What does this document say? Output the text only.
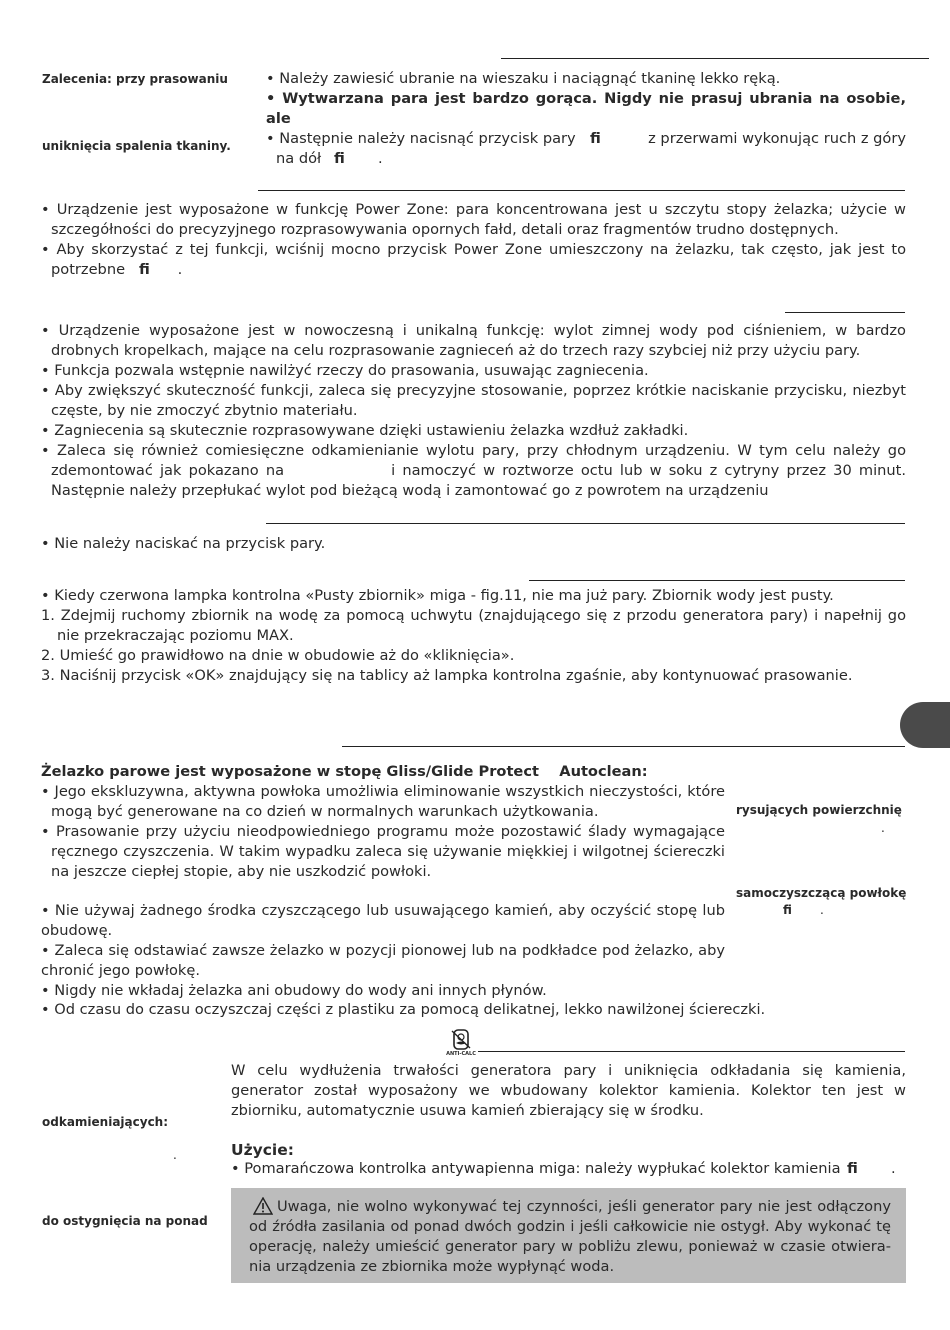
Zalecenia: przy prasowaniu
uniknięcia spalenia tkaniny.
rysujących powierzchnię
.
samoczyszczącą powłokę
ﬁ .
odkamieniających:
.
do ostygnięcia na ponad
• Należy zawiesić ubranie na wieszaku i naciągnąć tkaninę lekko ręką.
• Wytwarzana para jest bardzo gorąca. Nigdy nie prasuj ubrania na osobie, ale
• Następnie należy nacisnąć przycisk pary ﬁ	z przerwami wykonując ruch z góry
na dół ﬁ .

• Urządzenie jest wyposażone w funkcję Power Zone: para koncentrowana jest u szczytu stopy żelazka; użycie w szczegółności do precyzyjnego rozprasowywania opornych fałd, detali oraz fragmentów trudno dostępnych.

• Aby skorzystać z tej funkcji, wciśnij mocno przycisk Power Zone umieszczony na żelazku, tak często, jak jest to potrzebne ﬁ .

• Urządzenie wyposażone jest w nowoczesną i unikalną funkcję: wylot zimnej wody pod ciśnieniem, w bardzo drobnych kropelkach, mające na celu rozprasowanie zagnieceń aż do trzech razy szybciej niż przy użyciu pary.

• Funkcja pozwala wstępnie nawilżyć rzeczy do prasowania, usuwając zagniecenia.

• Aby zwiększyć skuteczność funkcji, zaleca się precyzyjne stosowanie, poprzez krótkie naciskanie przycisku, niezbyt częste, by nie zmoczyć zbytnio materiału.

• Zagniecenia są skutecznie rozprasowywane dzięki ustawieniu żelazka wzdłuż zakładki.

• Zaleca się również comiesięczne odkamienianie wylotu pary, przy chłodnym urządzeniu. W tym celu należy go zdemontować jak pokazano na	i namoczyć w roztworze octu lub w soku z cytryny przez 30 minut. Następnie należy przepłukać wylot pod bieżącą wodą i zamontować go z powrotem na urządzeniu

• Nie należy naciskać na przycisk pary.

• Kiedy czerwona lampka kontrolna «Pusty zbiornik» miga - fig.11, nie ma już pary. Zbiornik wody jest pusty.

1. Zdejmij ruchomy zbiornik na wodę za pomocą uchwytu (znajdującego się z przodu generatora pary) i napełnij go nie przekraczając poziomu MAX.

2. Umieść go prawidłowo na dnie w obudowie aż do «kliknięcia».

3. Naciśnij przycisk «OK» znajdujący się na tablicy aż lampka kontrolna zgaśnie, aby kontynuować prasowanie.

Żelazko parowe jest wyposażone w stopę Gliss/Glide Protect    Autoclean:

• Jego ekskluzywna, aktywna powłoka umożliwia eliminowanie wszystkich nieczystości, które mogą być generowane na co dzień w normalnych warunkach użytkowania.

• Prasowanie przy użyciu nieodpowiedniego programu może pozostawić ślady wymagające ręcznego czyszczenia. W takim wypadku zaleca się używanie miękkiej i wilgotnej ściereczki na jeszcze ciepłej stopie, aby nie uszkodzić powłoki.

• Nie używaj żadnego środka czyszczącego lub usuwającego kamień, aby oczyścić stopę lub obudowę.

• Zaleca się odstawiać zawsze żelazko w pozycji pionowej lub na podkładce pod żelazko, aby chronić jego powłokę.

• Nigdy nie wkładaj żelazka ani obudowy do wody ani innych płynów.
• Od czasu do czasu oczyszczaj części z plastiku za pomocą delikatnej, lekko nawilżonej ściereczki.
ANTI-CALC
W celu wydłużenia trwałości generatora pary i uniknięcia odkładania się kamienia, generator został wyposażony we wbudowany kolektor kamienia. Kolektor ten jest w zbiorniku, automatycznie usuwa kamień zbierający się w środku.
Użycie:
• Pomarańczowa kontrolka antywapienna miga: należy wypłukać kolektor kamienia ﬁ .
Uwaga, nie wolno wykonywać tej czynności, jeśli generator pary nie jest odłączony od źródła zasilania od ponad dwóch godzin i jeśli całkowicie nie ostygł. Aby wykonać tę operację, należy umieścić generator pary w pobliżu zlewu, ponieważ w czasie otwiera-nia urządzenia ze zbiornika może wypłynąć woda.
